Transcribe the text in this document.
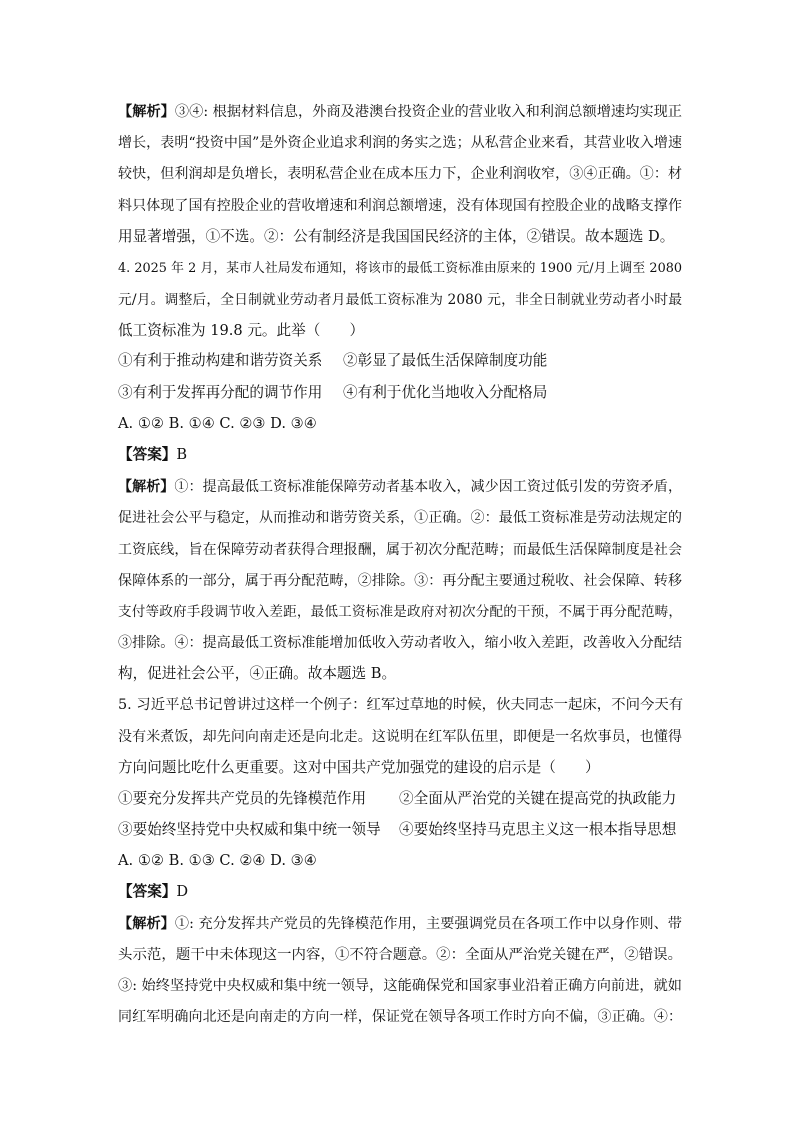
【解析】③④: 根据材料信息，外商及港澳台投资企业的营业收入和利润总额增速均实现正
增长，表明“投资中国”是外资企业追求利润的务实之选；从私营企业来看，其营业收入增速
较快，但利润却是负增长，表明私营企业在成本压力下，企业利润收窄，③④正确。①：材
料只体现了国有控股企业的营收增速和利润总额增速，没有体现国有控股企业的战略支撑作
用显著增强，①不选。②：公有制经济是我国国民经济的主体，②错误。故本题选 D。
4. 2025 年 2 月，某市人社局发布通知，将该市的最低工资标准由原来的 1900 元/月上调至 2080
元/月。调整后，全日制就业劳动者月最低工资标准为 2080 元，非全日制就业劳动者小时最
低工资标准为 19.8 元。此举（　　）
①有利于推动构建和谐劳资关系 ②彰显了最低生活保障制度功能
③有利于发挥再分配的调节作用 ④有利于优化当地收入分配格局
A. ①② B. ①④ C. ②③ D. ③④
【答案】B
【解析】①：提高最低工资标准能保障劳动者基本收入，减少因工资过低引发的劳资矛盾，
促进社会公平与稳定，从而推动和谐劳资关系，①正确。②：最低工资标准是劳动法规定的
工资底线，旨在保障劳动者获得合理报酬，属于初次分配范畴；而最低生活保障制度是社会
保障体系的一部分，属于再分配范畴，②排除。③：再分配主要通过税收、社会保障、转移
支付等政府手段调节收入差距，最低工资标准是政府对初次分配的干预，不属于再分配范畴，
③排除。④：提高最低工资标准能增加低收入劳动者收入，缩小收入差距，改善收入分配结
构，促进社会公平，④正确。故本题选 B。
5. 习近平总书记曾讲过这样一个例子：红军过草地的时候，伙夫同志一起床，不问今天有
没有米煮饭，却先问向南走还是向北走。这说明在红军队伍里，即便是一名炊事员，也懂得
方向问题比吃什么更重要。这对中国共产党加强党的建设的启示是（　　）
①要充分发挥共产党员的先锋模范作用 ②全面从严治党的关键在提高党的执政能力
③要始终坚持党中央权威和集中统一领导 ④要始终坚持马克思主义这一根本指导思想
A. ①② B. ①③ C. ②④ D. ③④
【答案】D
【解析】①: 充分发挥共产党员的先锋模范作用，主要强调党员在各项工作中以身作则、带
头示范，题干中未体现这一内容，①不符合题意。②：全面从严治党关键在严，②错误。
③: 始终坚持党中央权威和集中统一领导，这能确保党和国家事业沿着正确方向前进，就如
同红军明确向北还是向南走的方向一样，保证党在领导各项工作时方向不偏，③正确。④：
